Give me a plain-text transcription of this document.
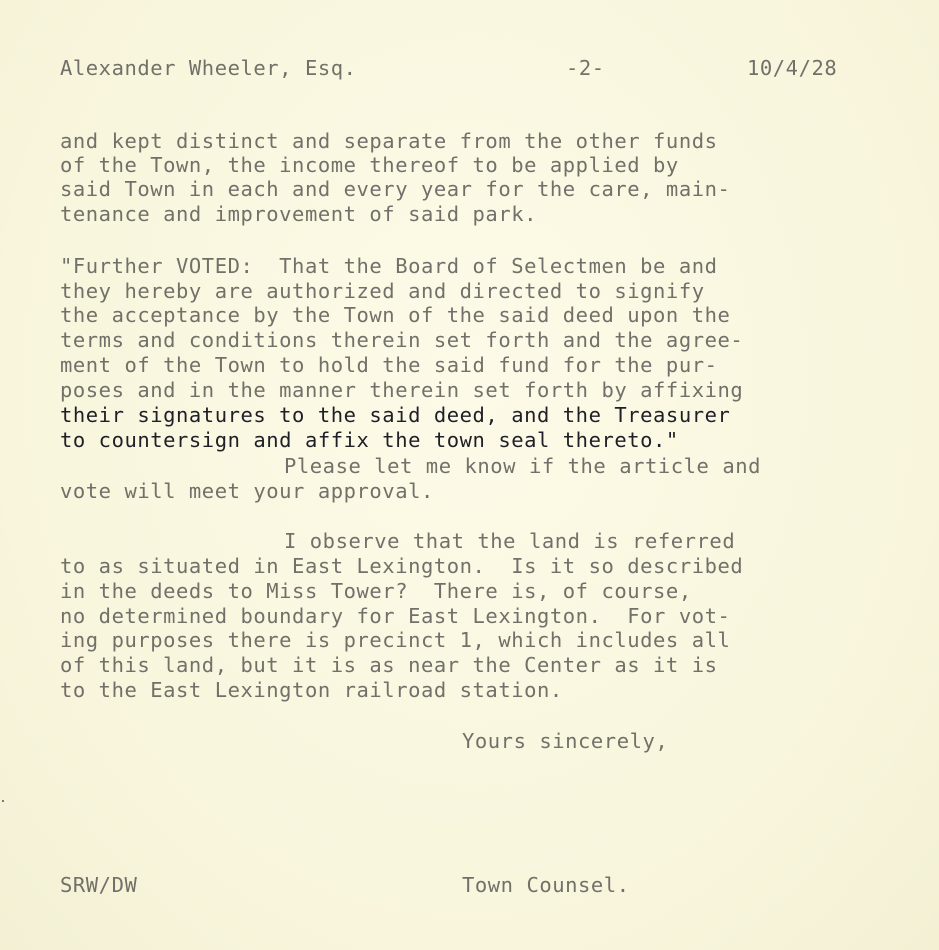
Alexander Wheeler, Esq.	-2-	10/4/28
and kept distinct and separate from the other funds
of the Town, the income thereof to be applied by
said Town in each and every year for the care, main-
tenance and improvement of said park.
"Further VOTED:  That the Board of Selectmen be and
they hereby are authorized and directed to signify
the acceptance by the Town of the said deed upon the
terms and conditions therein set forth and the agree-
ment of the Town to hold the said fund for the pur-
poses and in the manner therein set forth by affixing
their signatures to the said deed, and the Treasurer
to countersign and affix the town seal thereto."
Please let me know if the article and
vote will meet your approval.
I observe that the land is referred
to as situated in East Lexington.  Is it so described
in the deeds to Miss Tower?  There is, of course,
no determined boundary for East Lexington.  For vot-
ing purposes there is precinct 1, which includes all
of this land, but it is as near the Center as it is
to the East Lexington railroad station.
Yours sincerely,
SRW/DW	Town Counsel.
